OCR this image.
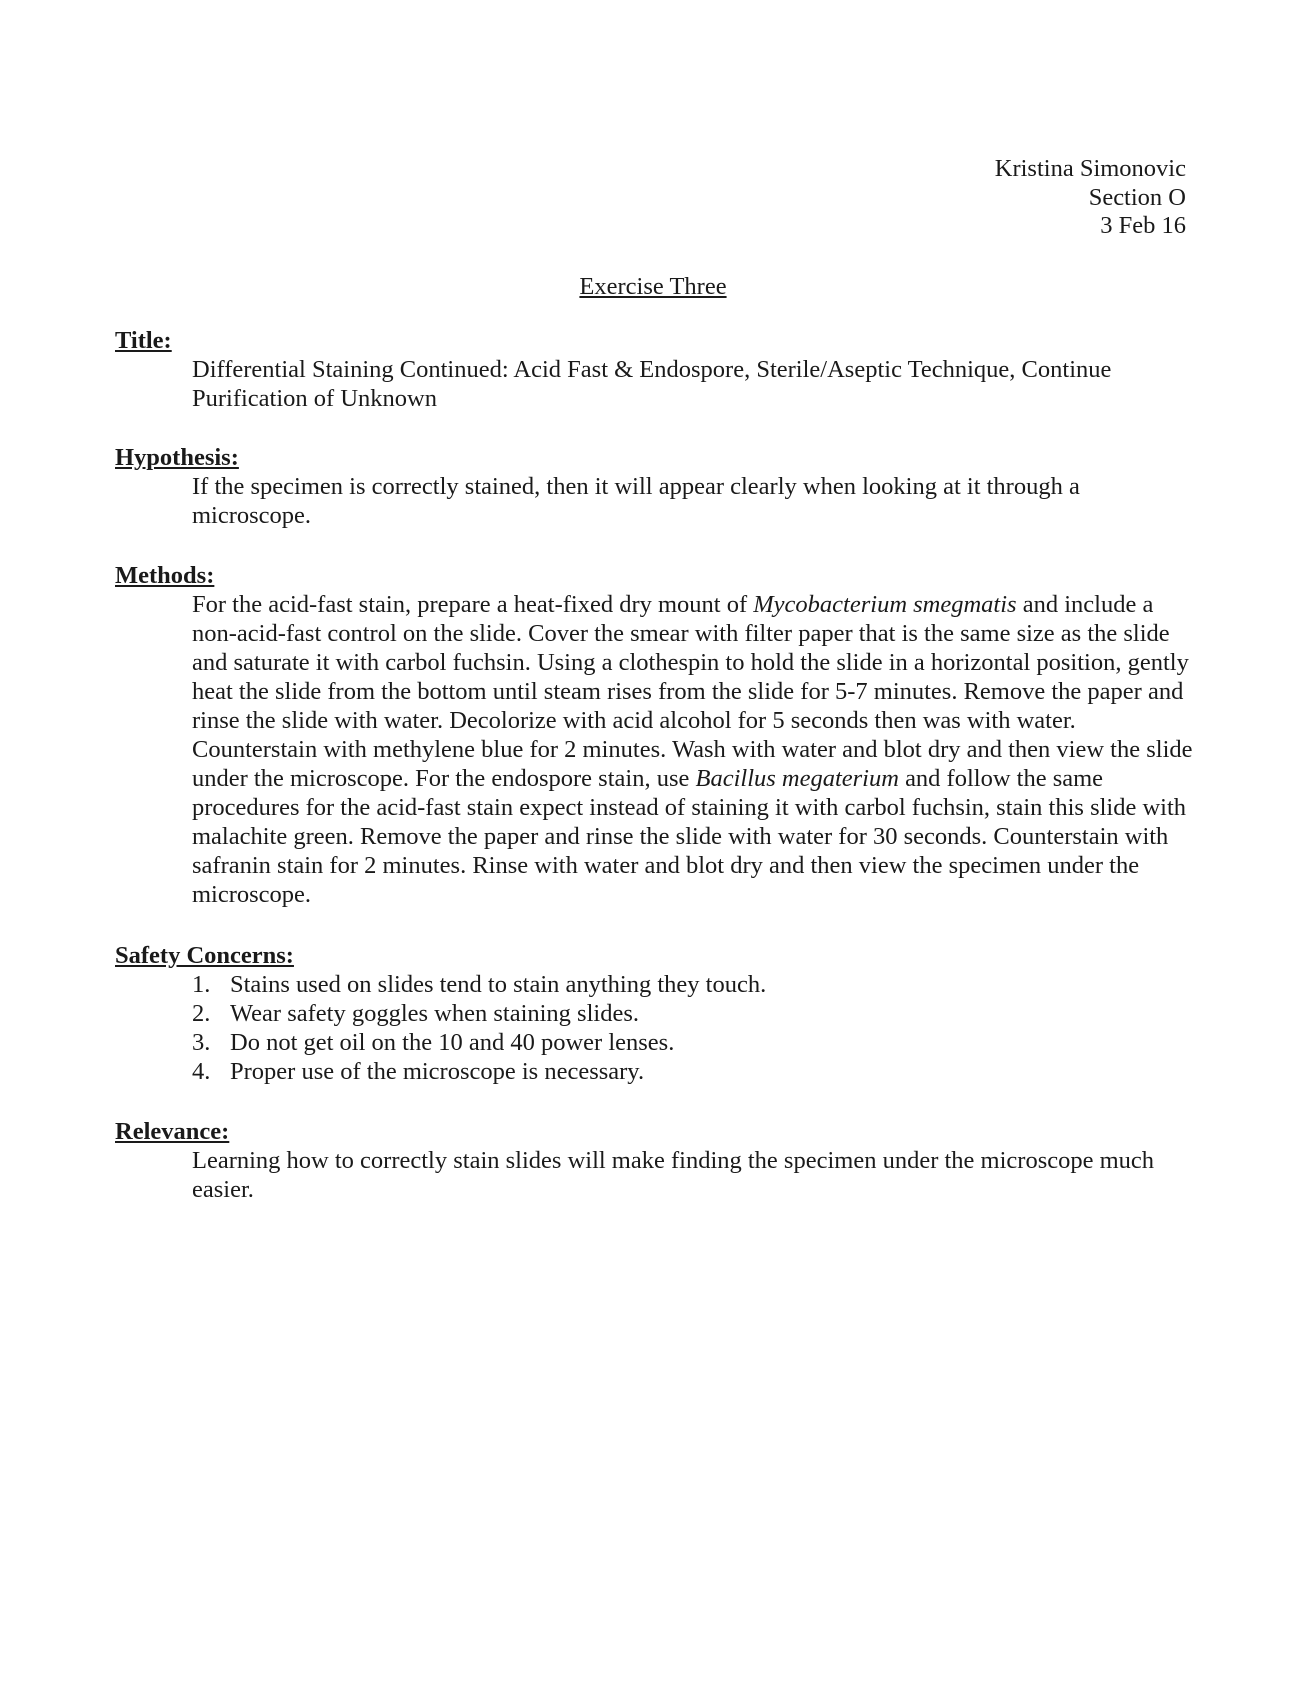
Kristina Simonovic
Section O
3 Feb 16
Exercise Three
Title:
Differential Staining Continued: Acid Fast & Endospore, Sterile/Aseptic Technique, Continue Purification of Unknown
Hypothesis:
If the specimen is correctly stained, then it will appear clearly when looking at it through a microscope.
Methods:
For the acid-fast stain, prepare a heat-fixed dry mount of Mycobacterium smegmatis and include a non-acid-fast control on the slide. Cover the smear with filter paper that is the same size as the slide and saturate it with carbol fuchsin. Using a clothespin to hold the slide in a horizontal position, gently heat the slide from the bottom until steam rises from the slide for 5-7 minutes. Remove the paper and rinse the slide with water. Decolorize with acid alcohol for 5 seconds then was with water. Counterstain with methylene blue for 2 minutes. Wash with water and blot dry and then view the slide under the microscope. For the endospore stain, use Bacillus megaterium and follow the same procedures for the acid-fast stain expect instead of staining it with carbol fuchsin, stain this slide with malachite green. Remove the paper and rinse the slide with water for 30 seconds. Counterstain with safranin stain for 2 minutes. Rinse with water and blot dry and then view the specimen under the microscope.
Safety Concerns:
1. Stains used on slides tend to stain anything they touch.
2. Wear safety goggles when staining slides.
3. Do not get oil on the 10 and 40 power lenses.
4. Proper use of the microscope is necessary.
Relevance:
Learning how to correctly stain slides will make finding the specimen under the microscope much easier.
